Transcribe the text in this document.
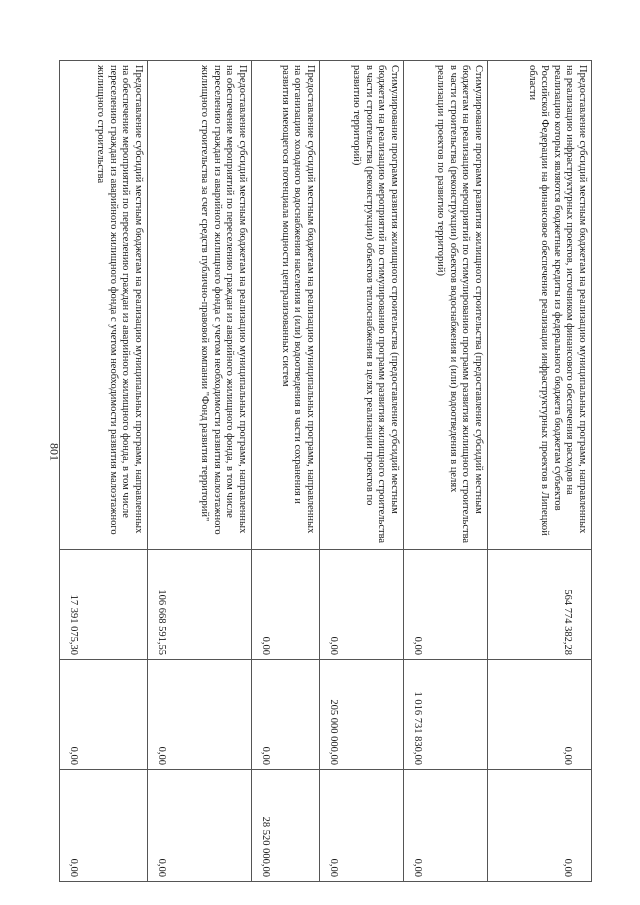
801	Предоставление субсидий местным бюджетам на реализацию муниципальных программ, направленных на реализацию инфраструктурных проектов, источником финансового обеспечения расходов на реализацию которых являются бюджетные кредиты из федерального бюджета бюджетам субъектов Российской Федерации на финансовое обеспечение реализации инфраструктурных проектов в Липецкой области	564 774 382,28	0,00	0,00
Стимулирование программ развития жилищного строительства (предоставление субсидий местным бюджетам на реализацию мероприятий по стимулированию программ развития жилищного строительства в части строительства (реконструкции) объектов водоснабжения и (или) водоотведения в целях реализации проектов по развитию территорий)	0,00	1 016 731 830,00	0,00
Стимулирование программ развития жилищного строительства (предоставление субсидий местным бюджетам на реализацию мероприятий по стимулированию программ развития жилищного строительства в части строительства (реконструкции) объектов теплоснабжения в целях реализации проектов по развитию территорий)	0,00	205 000 000,00	0,00
Предоставление субсидий местным бюджетам на реализацию муниципальных программ, направленных на организацию холодного водоснабжения населения и (или) водоотведения в части сохранения и развития имеющегося потенциала мощности централизованных систем	0,00	0,00	28 520 000,00
Предоставление субсидий местным бюджетам на реализацию муниципальных программ, направленных на обеспечение мероприятий по переселению граждан из аварийного жилищного фонда, в том числе переселению граждан из аварийного жилищного фонда с учетом необходимости развития малоэтажного жилищного строительства за счет средств публично-правовой компании "Фонд развития территорий"	106 668 591,55	0,00	0,00
Предоставление субсидий местным бюджетам на реализацию муниципальных программ, направленных на обеспечение мероприятий по переселению граждан из аварийного жилищного фонда, в том числе переселению граждан из аварийного жилищного фонда с учетом необходимости развития малоэтажного жилищного строительства	17 391 075,30	0,00	0,00
